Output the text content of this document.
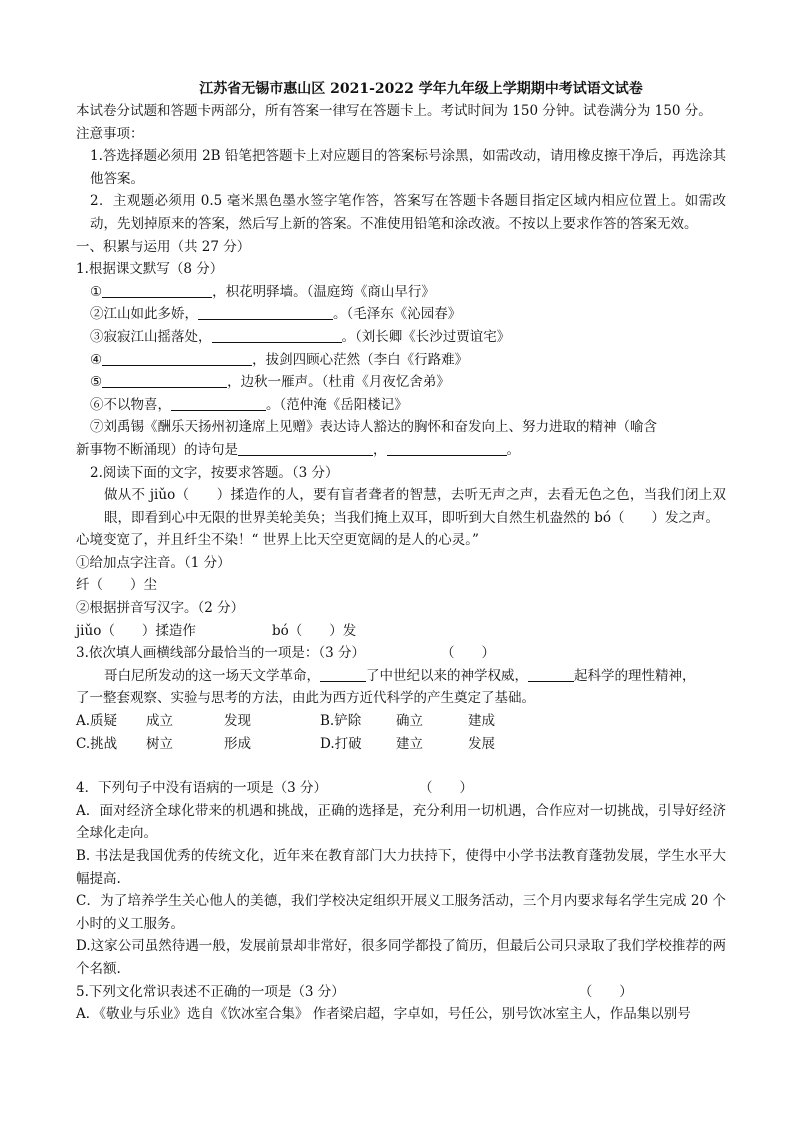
江苏省无锡市惠山区 2021-2022 学年九年级上学期期中考试语文试卷
本试卷分试题和答题卡两部分，所有答案一律写在答题卡上。考试时间为 150 分钟。试卷满分为 150 分。
注意事项：
1.答选择题必须用 2B 铅笔把答题卡上对应题目的答案标号涂黑，如需改动，请用橡皮擦干净后，再选涂其他答案。
2．主观题必须用 0.5 毫米黑色墨水签字笔作答，答案写在答题卡各题目指定区域内相应位置上。如需改动，先划掉原来的答案，然后写上新的答案。不准使用铅笔和涂改液。不按以上要求作答的答案无效。
一、积累与运用（共 27 分）
1.根据课文默写（8 分）
①	，枳花明驿墙。（温庭筠《商山早行》
②江山如此多娇，	。（毛泽东《沁园春》
③寂寂江山摇落处，	。（刘长卿《长沙过贾谊宅》
④	，拔剑四顾心茫然（李白《行路难》
⑤	，边秋一雁声。（杜甫《月夜忆舍弟》
⑥不以物喜，	。（范仲淹《岳阳楼记》
⑦刘禹锡《酬乐天扬州初逢席上见赠》表达诗人豁达的胸怀和奋发向上、努力进取的精神（喻含
新事物不断涌现）的诗句是	，	。
2.阅读下面的文字，按要求答题。（3 分）
做从不 jiǔo（　　）揉造作的人，要有盲者聋者的智慧，去听无声之声，去看无色之色，当我们闭上双眼，即看到心中无限的世界美轮美奂；当我们掩上双耳，即听到大自然生机盎然的 bó（　　）发之声。
心境变宽了，并且纤尘不染！“ 世界上比天空更宽阔的是人的心灵。”
①给加点字注音。（1 分）
纤（　　）尘
②根据拼音写汉字。（2 分）
jiǔo（　　）揉造作	bó（　　）发
3.依次填人画横线部分最恰当的一项是：（3 分）	（　　）
哥白尼所发动的这一场天文学革命，	了中世纪以来的神学权威，	起科学的理性精神，
了一整套观察、实验与思考的方法，由此为西方近代科学的产生奠定了基础。
A.质疑 成立	发现	B.铲除	确立	建成
C.挑战 树立	形成	D.打破	建立	发展
4．下列句子中没有语病的一项是（3 分）	（　　）
A．面对经济全球化带来的机遇和挑战，正确的选择是，充分利用一切机遇，合作应对一切挑战，引导好经济全球化走向。
B. 书法是我国优秀的传统文化，近年来在教育部门大力扶持下，使得中小学书法教育蓬勃发展，学生水平大幅提高.
C．为了培养学生关心他人的美德，我们学校决定组织开展义工服务活动，三个月内要求每名学生完成 20 个小时的义工服务。
D.这家公司虽然待遇一般，发展前景却非常好，很多同学都投了简历，但最后公司只录取了我们学校推荐的两个名额.
5.下列文化常识表述不正确的一项是（3 分）	（　　）
A．《敬业与乐业》选自《饮冰室合集》 作者梁启超，字卓如，号任公，别号饮冰室主人，作品集以别号
